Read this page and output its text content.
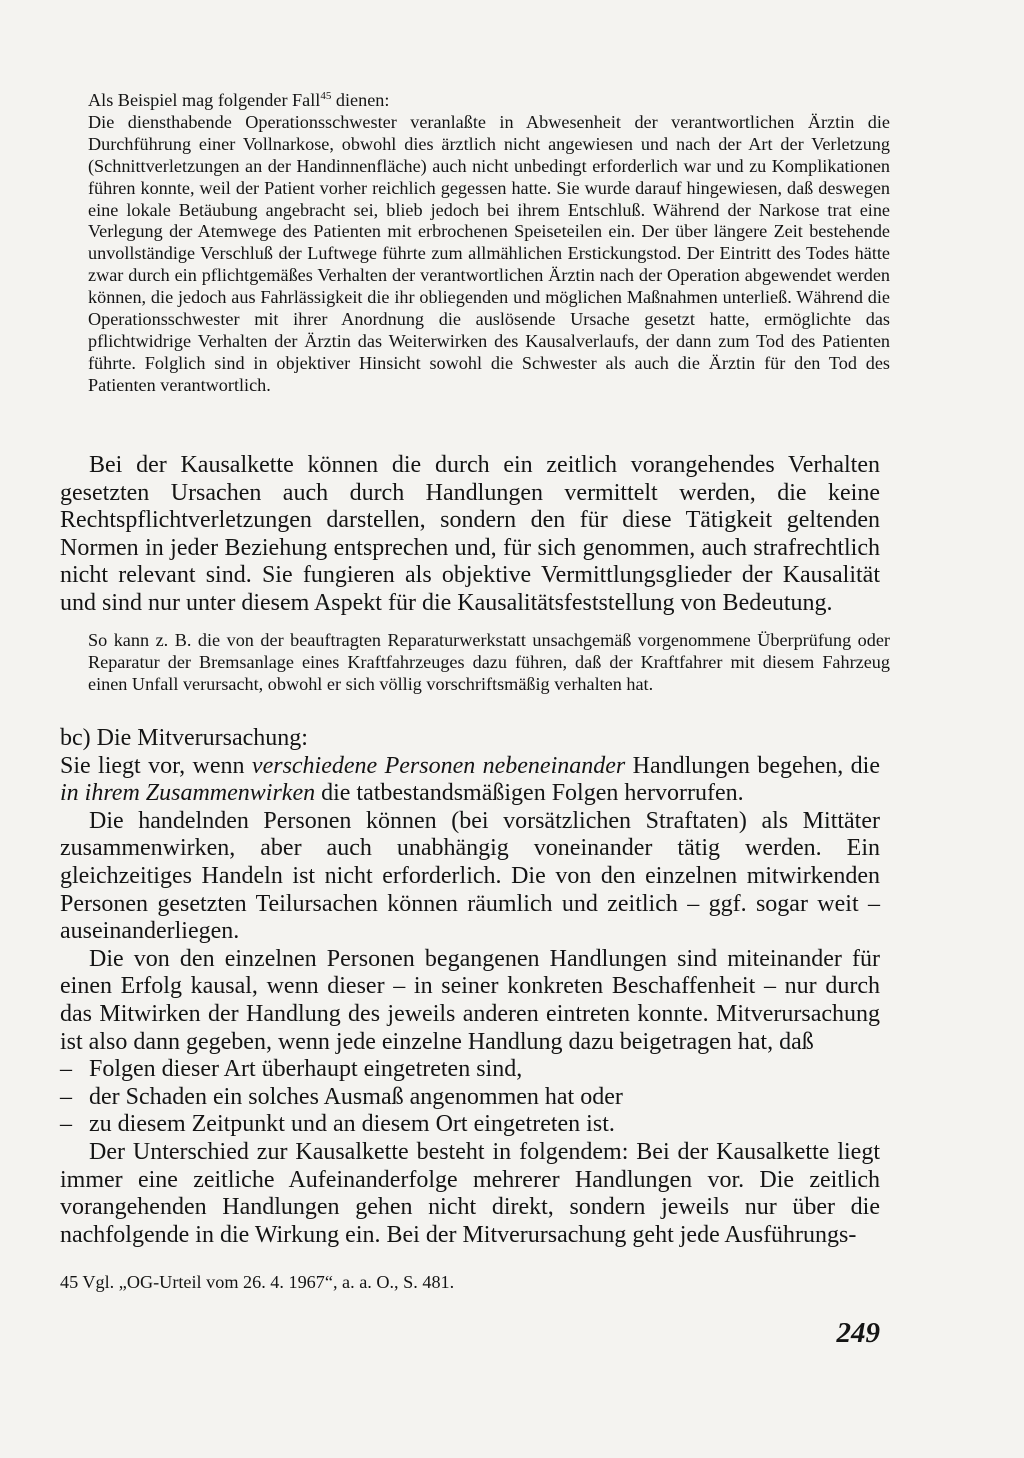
Als Beispiel mag folgender Fall$^{45}$ dienen:

Die diensthabende Operationsschwester veranlaßte in Abwesenheit der verantwortlichen Ärztin die Durchführung einer Vollnarkose, obwohl dies ärztlich nicht angewiesen und nach der Art der Verletzung (Schnittverletzungen an der Handinnenfläche) auch nicht unbedingt erforderlich war und zu Komplikationen führen konnte, weil der Patient vorher reichlich gegessen hatte. Sie wurde darauf hingewiesen, daß deswegen eine lokale Betäubung angebracht sei, blieb jedoch bei ihrem Entschluß. Während der Narkose trat eine Verlegung der Atemwege des Patienten mit erbrochenen Speiseteilen ein. Der über längere Zeit bestehende unvollständige Verschluß der Luftwege führte zum allmählichen Erstickungstod. Der Eintritt des Todes hätte zwar durch ein pflichtgemäßes Verhalten der verantwortlichen Ärztin nach der Operation abgewendet werden können, die jedoch aus Fahrlässigkeit die ihr obliegenden und möglichen Maßnahmen unterließ. Während die Operationsschwester mit ihrer Anordnung die auslösende Ursache gesetzt hatte, ermöglichte das pflichtwidrige Verhalten der Ärztin das Weiterwirken des Kausalverlaufs, der dann zum Tod des Patienten führte. Folglich sind in objektiver Hinsicht sowohl die Schwester als auch die Ärztin für den Tod des Patienten verantwortlich.

Bei der Kausalkette können die durch ein zeitlich vorangehendes Verhalten gesetzten Ursachen auch durch Handlungen vermittelt werden, die keine Rechtspflichtverletzungen darstellen, sondern den für diese Tätigkeit geltenden Normen in jeder Beziehung entsprechen und, für sich genommen, auch strafrechtlich nicht relevant sind. Sie fungieren als objektive Vermittlungsglieder der Kausalität und sind nur unter diesem Aspekt für die Kausalitätsfeststellung von Bedeutung.

So kann z. B. die von der beauftragten Reparaturwerkstatt unsachgemäß vorgenommene Überprüfung oder Reparatur der Bremsanlage eines Kraftfahrzeuges dazu führen, daß der Kraftfahrer mit diesem Fahrzeug einen Unfall verursacht, obwohl er sich völlig vorschriftsmäßig verhalten hat.

bc) Die Mitverursachung:

Sie liegt vor, wenn verschiedene Personen nebeneinander Handlungen begehen, die in ihrem Zusammenwirken die tatbestandsmäßigen Folgen hervorrufen.

Die handelnden Personen können (bei vorsätzlichen Straftaten) als Mittäter zusammenwirken, aber auch unabhängig voneinander tätig werden. Ein gleichzeitiges Handeln ist nicht erforderlich. Die von den einzelnen mitwirkenden Personen gesetzten Teilursachen können räumlich und zeitlich – ggf. sogar weit – auseinanderliegen.

Die von den einzelnen Personen begangenen Handlungen sind miteinander für einen Erfolg kausal, wenn dieser – in seiner konkreten Beschaffenheit – nur durch das Mitwirken der Handlung des jeweils anderen eintreten konnte. Mitverursachung ist also dann gegeben, wenn jede einzelne Handlung dazu beigetragen hat, daß

– Folgen dieser Art überhaupt eingetreten sind,
– der Schaden ein solches Ausmaß angenommen hat oder
– zu diesem Zeitpunkt und an diesem Ort eingetreten ist.

Der Unterschied zur Kausalkette besteht in folgendem: Bei der Kausalkette liegt immer eine zeitliche Aufeinanderfolge mehrerer Handlungen vor. Die zeitlich vorangehenden Handlungen gehen nicht direkt, sondern jeweils nur über die nachfolgende in die Wirkung ein. Bei der Mitverursachung geht jede Ausführungs-

45 Vgl. „OG-Urteil vom 26. 4. 1967“, a. a. O., S. 481.
249
